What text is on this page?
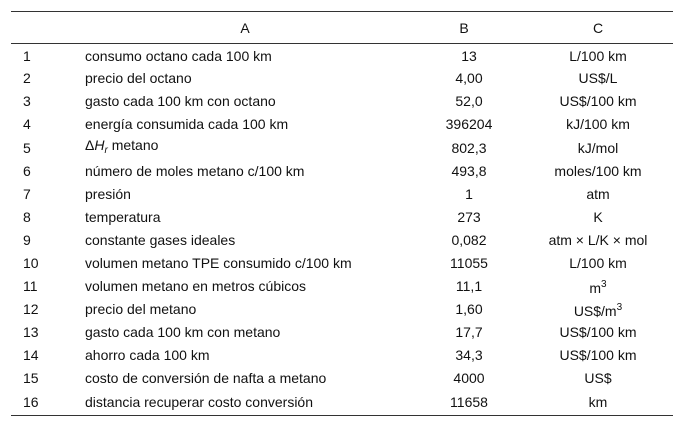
	A	B	C
1	consumo octano cada 100 km	13	L/100 km
2	precio del octano	4,00	US$/L
3	gasto cada 100 km con octano	52,0	US$/100 km
4	energía consumida cada 100 km	396204	kJ/100 km
5	$\Delta H_r$ metano	802,3	kJ/mol
6	número de moles metano c/100 km	493,8	moles/100 km
7	presión	1	atm
8	temperatura	273	K
9	constante gases ideales	0,082	atm × L/K × mol
10	volumen metano TPE consumido c/100 km	11055	L/100 km
11	volumen metano en metros cúbicos	11,1	$m^3$
12	precio del metano	1,60	$US\$/m^3$
13	gasto cada 100 km con metano	17,7	US$/100 km
14	ahorro cada 100 km	34,3	US$/100 km
15	costo de conversión de nafta a metano	4000	US$
16	distancia recuperar costo conversión	11658	km
